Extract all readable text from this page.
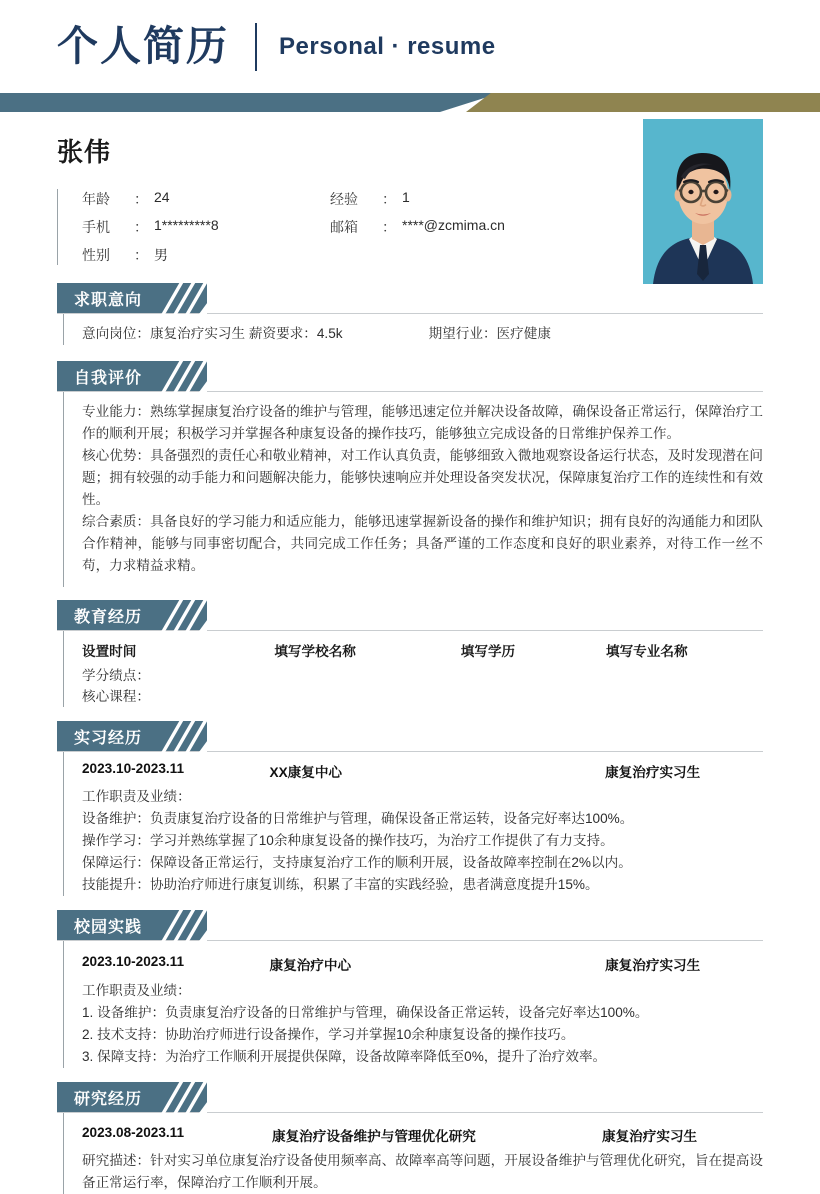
个人简历 Personal · resume
张伟
年龄	： 24
手机	： 1*********8
性别	： 男
经验	： 1
邮箱	： ****@zcmima.cn
求职意向
意向岗位： 康复治疗实习生 薪资要求： 4.5k	期望行业： 医疗健康
自我评价
专业能力：熟练掌握康复治疗设备的维护与管理，能够迅速定位并解决设备故障，确保设备正常运行，保障治疗工作的顺利开展；积极学习并掌握各种康复设备的操作技巧，能够独立完成设备的日常维护保养工作。
核心优势：具备强烈的责任心和敬业精神，对工作认真负责，能够细致入微地观察设备运行状态，及时发现潜在问题；拥有较强的动手能力和问题解决能力，能够快速响应并处理设备突发状况，保障康复治疗工作的连续性和有效性。
综合素质：具备良好的学习能力和适应能力，能够迅速掌握新设备的操作和维护知识；拥有良好的沟通能力和团队合作精神，能够与同事密切配合，共同完成工作任务；具备严谨的工作态度和良好的职业素养，对待工作一丝不苟，力求精益求精。
教育经历
设置时间	填写学校名称	填写学历	填写专业名称
学分绩点：
核心课程：
实习经历
2023.10-2023.11	XX康复中心	康复治疗实习生
工作职责及业绩：
设备维护：负责康复治疗设备的日常维护与管理，确保设备正常运转，设备完好率达100%。
操作学习：学习并熟练掌握了10余种康复设备的操作技巧，为治疗工作提供了有力支持。
保障运行：保障设备正常运行，支持康复治疗工作的顺利开展，设备故障率控制在2%以内。
技能提升：协助治疗师进行康复训练，积累了丰富的实践经验，患者满意度提升15%。
校园实践
2023.10-2023.11	康复治疗中心	康复治疗实习生
工作职责及业绩：
1. 设备维护：负责康复治疗设备的日常维护与管理，确保设备正常运转，设备完好率达100%。
2. 技术支持：协助治疗师进行设备操作，学习并掌握10余种康复设备的操作技巧。
3. 保障支持：为治疗工作顺利开展提供保障，设备故障率降低至0%，提升了治疗效率。
研究经历
2023.08-2023.11	康复治疗设备维护与管理优化研究	康复治疗实习生
研究描述：针对实习单位康复治疗设备使用频率高、故障率高等问题，开展设备维护与管理优化研究，旨在提高设备正常运行率，保障治疗工作顺利开展。
